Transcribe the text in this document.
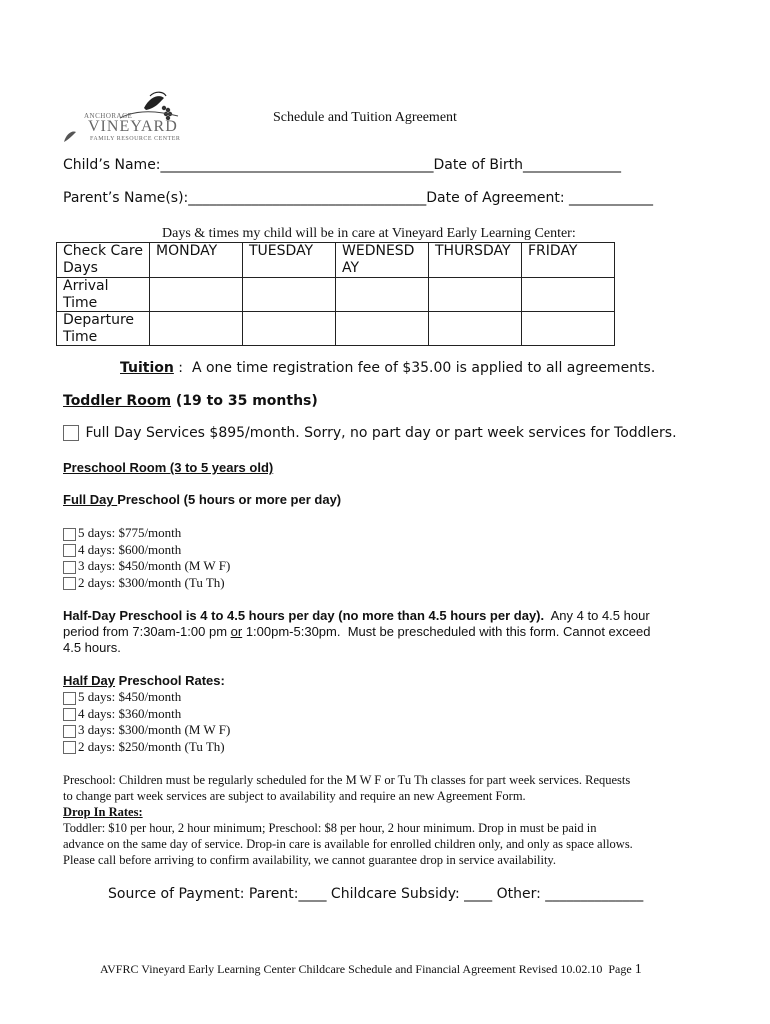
ANCHORAGE
VINEYARD
FAMILY RESOURCE CENTER
Schedule and Tuition Agreement
Child’s Name:_______________________________________Date of Birth______________
Parent’s Name(s):__________________________________Date of Agreement: ____________
Days & times my child will be in care at Vineyard Early Learning Center:
Check Care Days	MONDAY	TUESDAY	WEDNESD AY	THURSDAY	FRIDAY
Arrival Time					
Departure Time					
Tuition :  A one time registration fee of $35.00 is applied to all agreements.
Toddler Room (19 to 35 months)
Full Day Services $895/month. Sorry, no part day or part week services for Toddlers.
Preschool Room (3 to 5 years old)
Full Day Preschool (5 hours or more per day)
5 days: $775/month
4 days: $600/month
3 days: $450/month (M W F)
2 days: $300/month (Tu Th)
Half-Day Preschool is 4 to 4.5 hours per day (no more than 4.5 hours per day).  Any 4 to 4.5 hour
period from 7:30am-1:00 pm or 1:00pm-5:30pm.  Must be prescheduled with this form. Cannot exceed
4.5 hours.
Half Day Preschool Rates:
5 days: $450/month
4 days: $360/month
3 days: $300/month (M W F)
2 days: $250/month (Tu Th)
Preschool: Children must be regularly scheduled for the M W F or Tu Th classes for part week services. Requests
to change part week services are subject to availability and require an new Agreement Form.
Drop In Rates:
Toddler: $10 per hour, 2 hour minimum; Preschool: $8 per hour, 2 hour minimum. Drop in must be paid in
advance on the same day of service. Drop-in care is available for enrolled children only, and only as space allows.
Please call before arriving to confirm availability, we cannot guarantee drop in service availability.
Source of Payment: Parent:____ Childcare Subsidy: ____ Other: ______________
AVFRC Vineyard Early Learning Center Childcare Schedule and Financial Agreement Revised 10.02.10  Page 1
